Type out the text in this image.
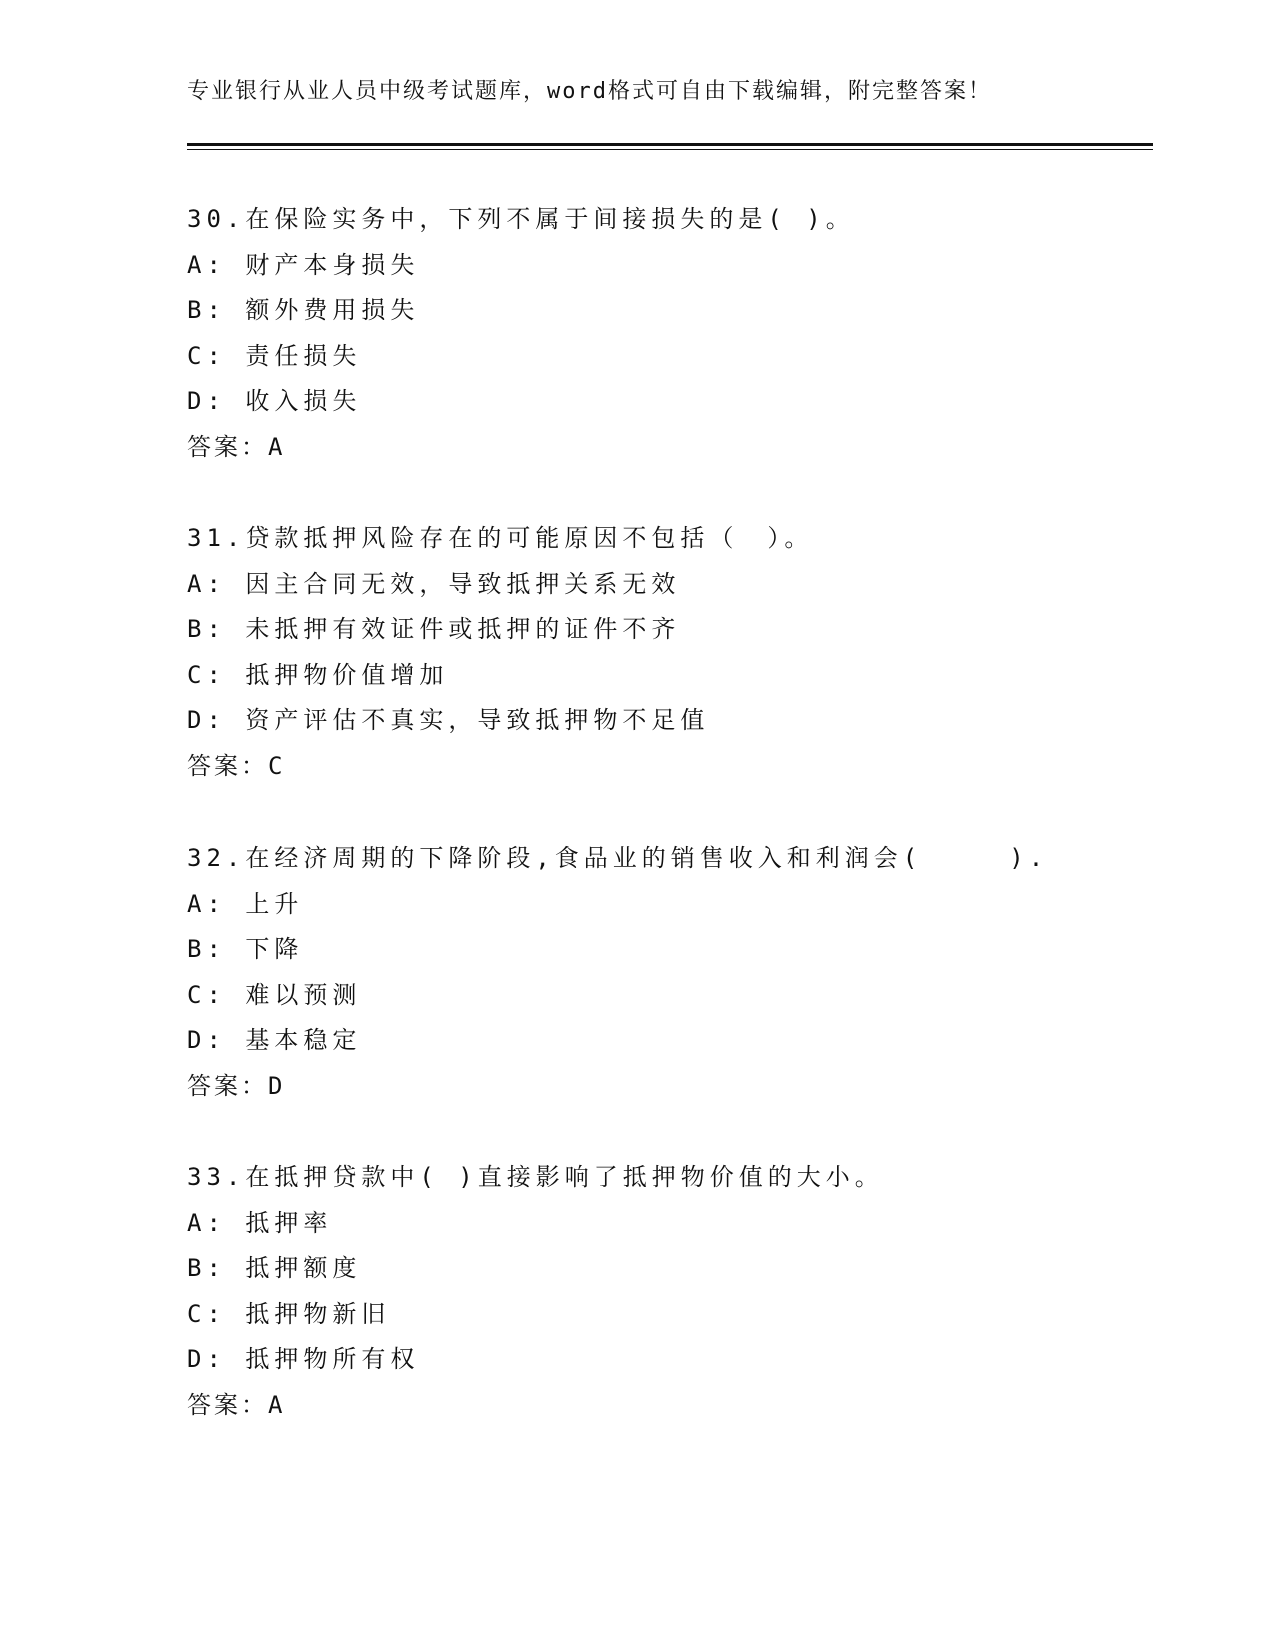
专业银行从业人员中级考试题库，word格式可自由下载编辑，附完整答案！
30.在保险实务中，下列不属于间接损失的是( )。
A: 财产本身损失
B: 额外费用损失
C: 责任损失
D: 收入损失
答案：A
31.贷款抵押风险存在的可能原因不包括（　）。
A: 因主合同无效，导致抵押关系无效
B: 未抵押有效证件或抵押的证件不齐
C: 抵押物价值增加
D: 资产评估不真实，导致抵押物不足值
答案：C
32.在经济周期的下降阶段,食品业的销售收入和利润会(　　　).
A: 上升
B: 下降
C: 难以预测
D: 基本稳定
答案：D
33.在抵押贷款中( )直接影响了抵押物价值的大小。
A: 抵押率
B: 抵押额度
C: 抵押物新旧
D: 抵押物所有权
答案：A
